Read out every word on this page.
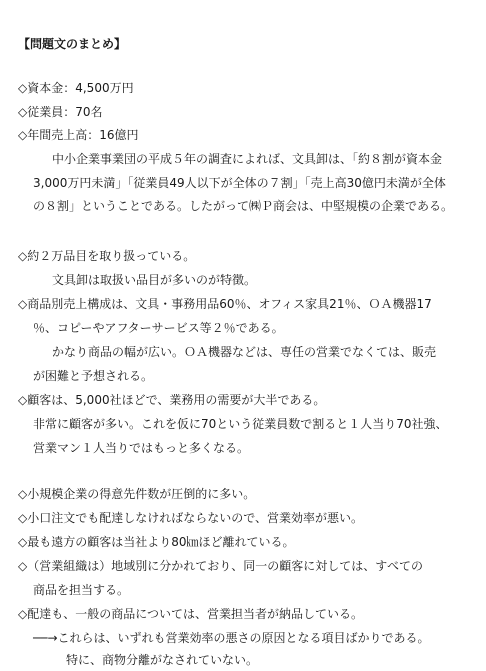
【問題文のまとめ】
◇資本金：4,500万円
◇従業員：70名
◇年間売上高：16億円
中小企業事業団の平成５年の調査によれば、文具卸は、「約８割が資本金
3,000万円未満」「従業員49人以下が全体の７割」「売上高30億円未満が全体
の８割」ということである。したがって㈱Ｐ商会は、中堅規模の企業である。
◇約２万品目を取り扱っている。
文具卸は取扱い品目が多いのが特徴。
◇商品別売上構成は、文具・事務用品60％、オフィス家具21％、ＯＡ機器17
％、コピーやアフターサービス等２％である。
かなり商品の幅が広い。ＯＡ機器などは、専任の営業でなくては、販売
が困難と予想される。
◇顧客は、5,000社ほどで、業務用の需要が大半である。
非常に顧客が多い。これを仮に70という従業員数で割ると１人当り70社強、
営業マン１人当りではもっと多くなる。
◇小規模企業の得意先件数が圧倒的に多い。
◇小口注文でも配達しなければならないので、営業効率が悪い。
◇最も遠方の顧客は当社より80㎞ほど離れている。
◇（営業組織は）地域別に分かれており、同一の顧客に対しては、すべての
商品を担当する。
◇配達も、一般の商品については、営業担当者が納品している。
──→これらは、いずれも営業効率の悪さの原因となる項目ばかりである。
特に、商物分離がなされていない。
